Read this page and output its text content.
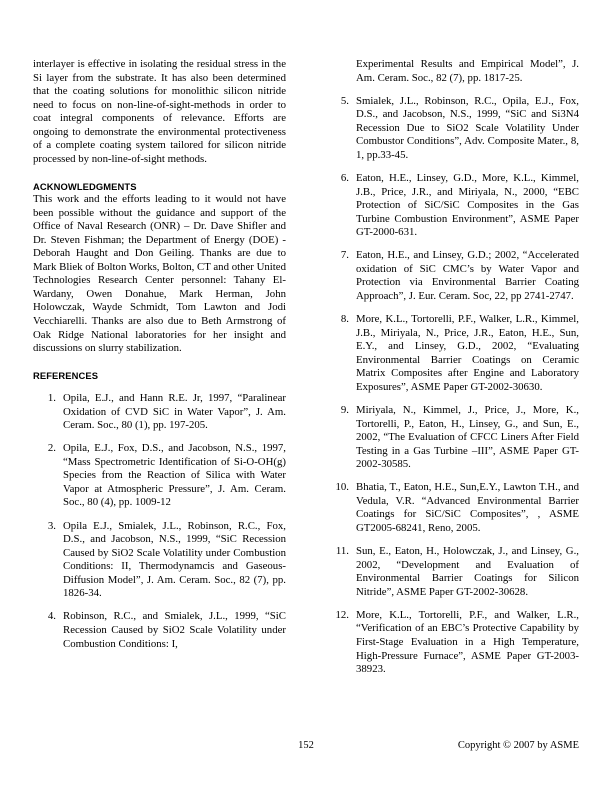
interlayer is effective in isolating the residual stress in the Si layer from the substrate. It has also been determined that the coating solutions for monolithic silicon nitride need to focus on non-line-of-sight-methods in order to coat integral components of relevance. Efforts are ongoing to demonstrate the environmental protectiveness of a complete coating system tailored for silicon nitride processed by non-line-of-sight methods.

ACKNOWLEDGMENTS

This work and the efforts leading to it would not have been possible without the guidance and support of the Office of Naval Research (ONR) – Dr. Dave Shifler and Dr. Steven Fishman; the Department of Energy (DOE) - Deborah Haught and Don Geiling. Thanks are due to Mark Bliek of Bolton Works, Bolton, CT and other United Technologies Research Center personnel: Tahany El-Wardany, Owen Donahue, Mark Herman, John Holowczak, Wayde Schmidt, Tom Lawton and Jodi Vecchiarelli. Thanks are also due to Beth Armstrong of Oak Ridge National laboratories for her insight and discussions on slurry stabilization.

REFERENCES

1. Opila, E.J., and Hann R.E. Jr, 1997, “Paralinear Oxidation of CVD SiC in Water Vapor”, J. Am. Ceram. Soc., 80 (1), pp. 197-205.
2. Opila, E.J., Fox, D.S., and Jacobson, N.S., 1997, “Mass Spectrometric Identification of Si-O-OH(g) Species from the Reaction of Silica with Water Vapor at Atmospheric Pressure”, J. Am. Ceram. Soc., 80 (4), pp. 1009-12
3. Opila E.J., Smialek, J.L., Robinson, R.C., Fox, D.S., and Jacobson, N.S., 1999, “SiC Recession Caused by SiO2 Scale Volatility under Combustion Conditions: II, Thermodynamcis and Gaseous-Diffusion Model”, J. Am. Ceram. Soc., 82 (7), pp. 1826-34.
4. Robinson, R.C., and Smialek, J.L., 1999, “SiC Recession Caused by SiO2 Scale Volatility under Combustion Conditions: I,

Experimental Results and Empirical Model”, J. Am. Ceram. Soc., 82 (7), pp. 1817-25.

5. Smialek, J.L., Robinson, R.C., Opila, E.J., Fox, D.S., and Jacobson, N.S., 1999, “SiC and Si3N4 Recession Due to SiO2 Scale Volatility Under Combustor Conditions”, Adv. Composite Mater., 8, 1, pp.33-45.
6. Eaton, H.E., Linsey, G.D., More, K.L., Kimmel, J.B., Price, J.R., and Miriyala, N., 2000, “EBC Protection of SiC/SiC Composites in the Gas Turbine Combustion Environment”, ASME Paper GT-2000-631.
7. Eaton, H.E., and Linsey, G.D.; 2002, “Accelerated oxidation of SiC CMC’s by Water Vapor and Protection via Environmental Barrier Coating Approach”, J. Eur. Ceram. Soc, 22, pp 2741-2747.
8. More, K.L., Tortorelli, P.F., Walker, L.R., Kimmel, J.B., Miriyala, N., Price, J.R., Eaton, H.E., Sun, E.Y., and Linsey, G.D., 2002, “Evaluating Environmental Barrier Coatings on Ceramic Matrix Composites after Engine and Laboratory Exposures”, ASME Paper GT-2002-30630.
9. Miriyala, N., Kimmel, J., Price, J., More, K., Tortorelli, P., Eaton, H., Linsey, G., and Sun, E., 2002, “The Evaluation of CFCC Liners After Field Testing in a Gas Turbine –III”, ASME Paper GT-2002-30585.
10. Bhatia, T., Eaton, H.E., Sun,E.Y., Lawton T.H., and Vedula, V.R. “Advanced Environmental Barrier Coatings for SiC/SiC Composites”, , ASME GT2005-68241, Reno, 2005.
11. Sun, E., Eaton, H., Holowczak, J., and Linsey, G., 2002, “Development and Evaluation of Environmental Barrier Coatings for Silicon Nitride”, ASME Paper GT-2002-30628.
12. More, K.L., Tortorelli, P.F., and Walker, L.R., “Verification of an EBC’s Protective Capability by First-Stage Evaluation in a High Temperature, High-Pressure Furnace”, ASME Paper GT-2003-38923.
152	Copyright © 2007 by ASME
